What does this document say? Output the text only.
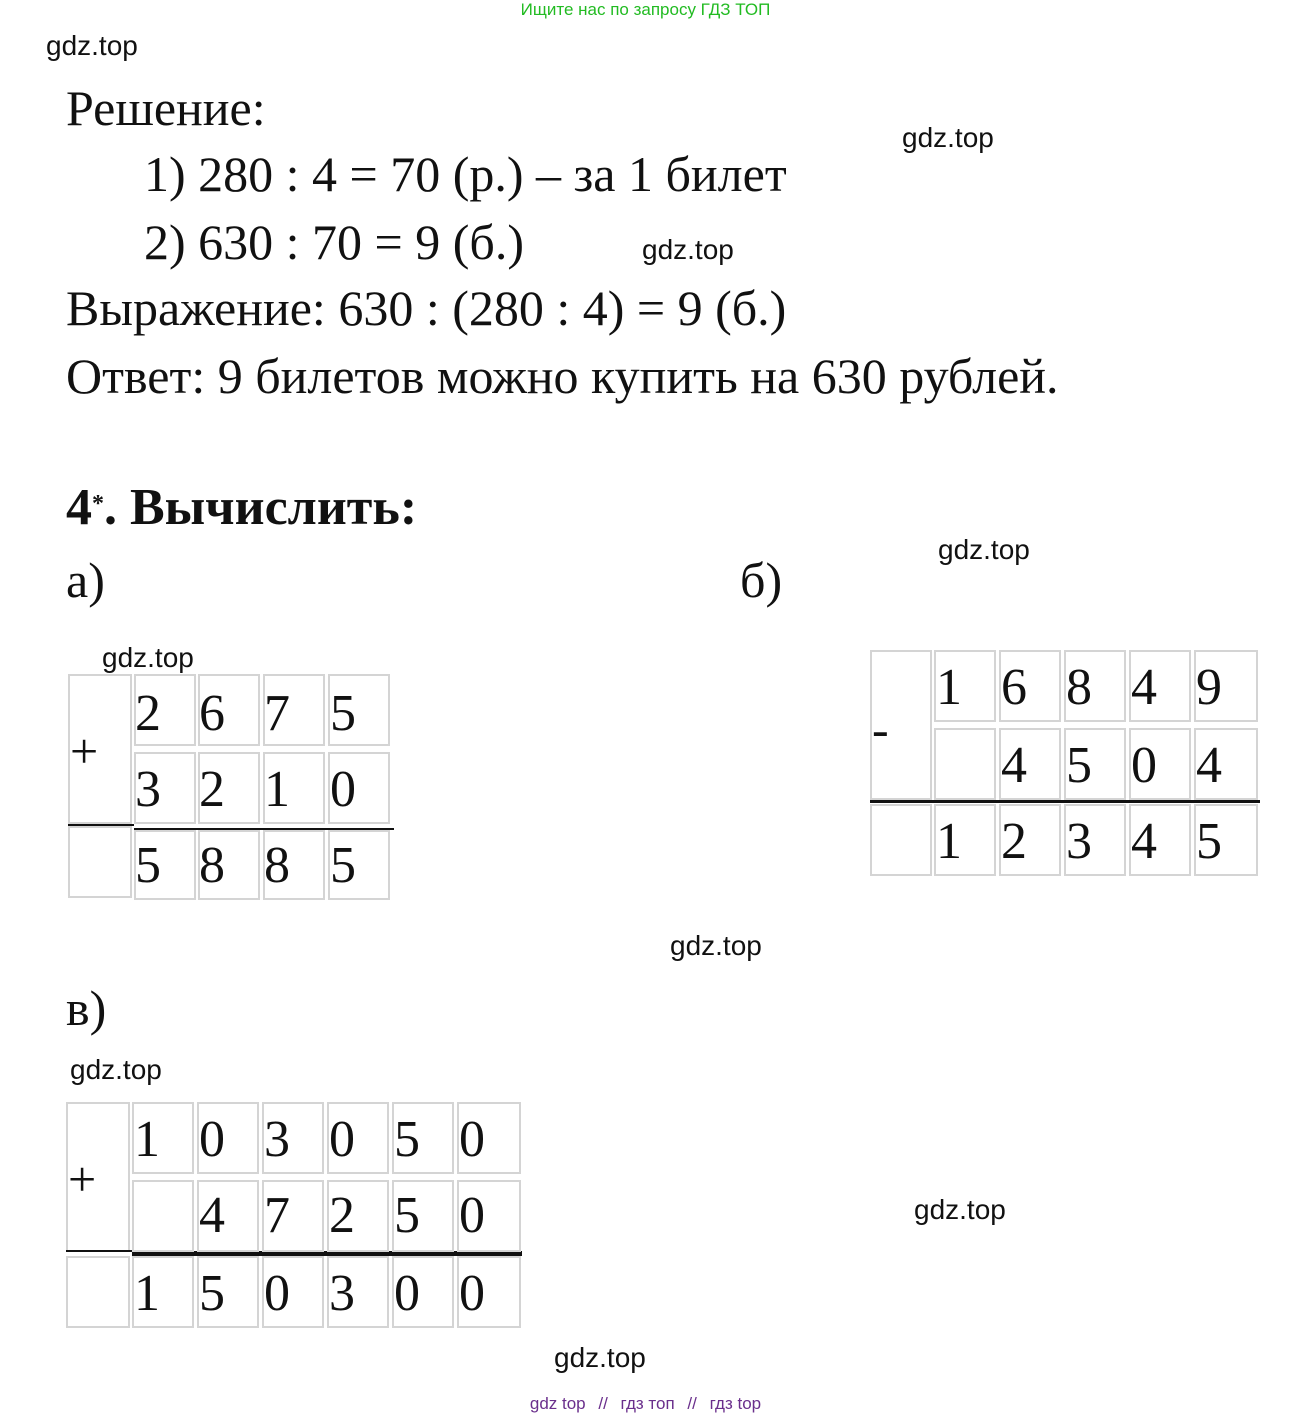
Ищите нас по запросу ГДЗ ТОП
gdz.top
gdz.top
gdz.top
gdz.top
gdz.top
gdz.top
gdz.top
gdz.top
gdz.top
Решение:
1) 280 : 4 = 70 (р.) – за 1 билет
2) 630 : 70 = 9 (б.)
Выражение: 630 : (280 : 4) = 9 (б.)
Ответ: 9 билетов можно купить на 630 рублей.
4*. Вычислить:
а)	б)
в)
+
2 6 7 5
3 2 1 0
5 8 8 5
-
1 6 8 4 9
4 5 0 4
1 2 3 4 5
+
1 0 3 0 5 0
4 7 2 5 0
1 5 0 3 0 0
gdz top // гдз топ // гдз top
